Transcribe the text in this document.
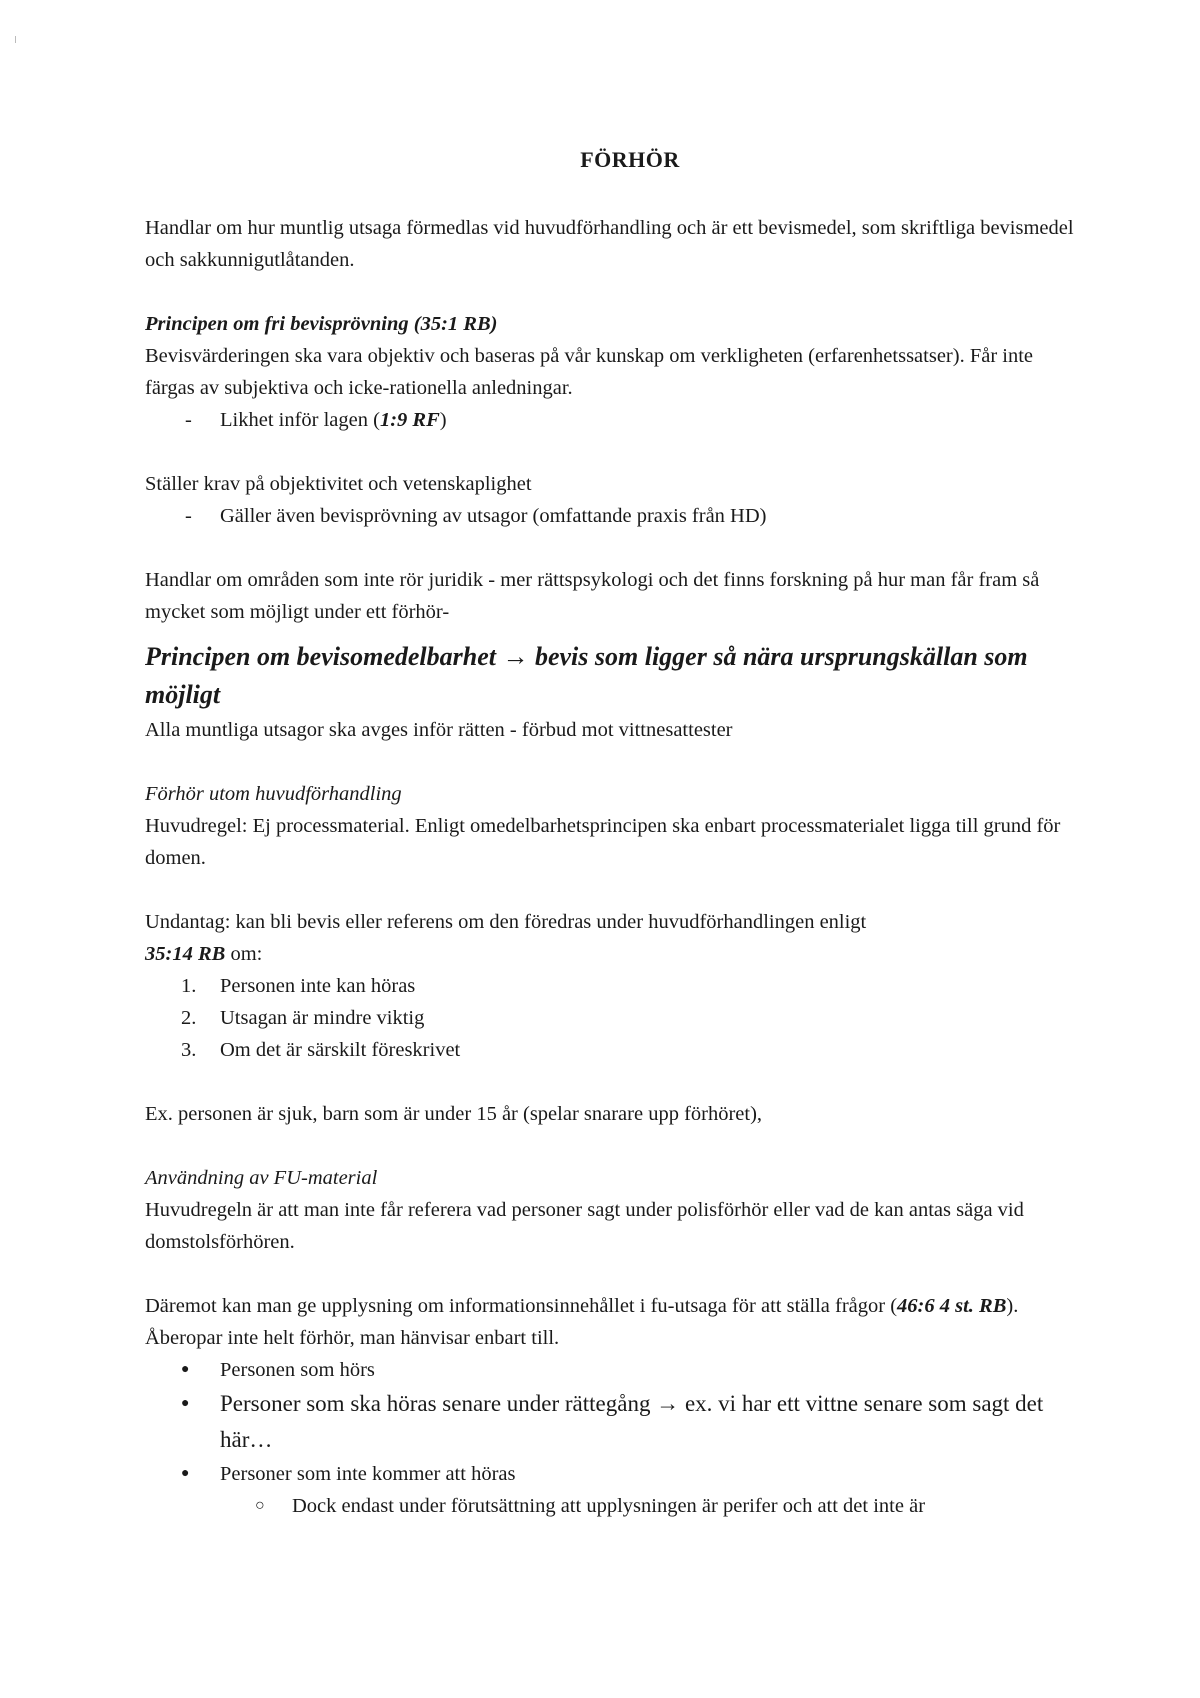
FÖRHÖR

Handlar om hur muntlig utsaga förmedlas vid huvudförhandling och är ett bevismedel, som skriftliga bevismedel och sakkunnigutlåtanden.

Principen om fri bevisprövning (35:1 RB)

Bevisvärderingen ska vara objektiv och baseras på vår kunskap om verkligheten (erfarenhetssatser). Får inte färgas av subjektiva och icke-rationella anledningar.

- Likhet inför lagen (1:9 RF)

Ställer krav på objektivitet och vetenskaplighet

- Gäller även bevisprövning av utsagor (omfattande praxis från HD)

Handlar om områden som inte rör juridik - mer rättspsykologi och det finns forskning på hur man får fram så mycket som möjligt under ett förhör-

Principen om bevisomedelbarhet → bevis som ligger så nära ursprungskällan som möjligt

Alla muntliga utsagor ska avges inför rätten - förbud mot vittnesattester

Förhör utom huvudförhandling

Huvudregel: Ej processmaterial. Enligt omedelbarhetsprincipen ska enbart processmaterialet ligga till grund för domen.

Undantag: kan bli bevis eller referens om den föredras under huvudförhandlingen enligt
35:14 RB om:

1. Personen inte kan höras
2. Utsagan är mindre viktig
3. Om det är särskilt föreskrivet

Ex. personen är sjuk, barn som är under 15 år (spelar snarare upp förhöret),

Användning av FU-material

Huvudregeln är att man inte får referera vad personer sagt under polisförhör eller vad de kan antas säga vid domstolsförhören.

Däremot kan man ge upplysning om informationsinnehållet i fu-utsaga för att ställa frågor (46:6 4 st. RB). Åberopar inte helt förhör, man hänvisar enbart till.

● Personen som hörs
● Personer som ska höras senare under rättegång → ex. vi har ett vittne senare som sagt det här…
● Personer som inte kommer att höras
○ Dock endast under förutsättning att upplysningen är perifer och att det inte är
